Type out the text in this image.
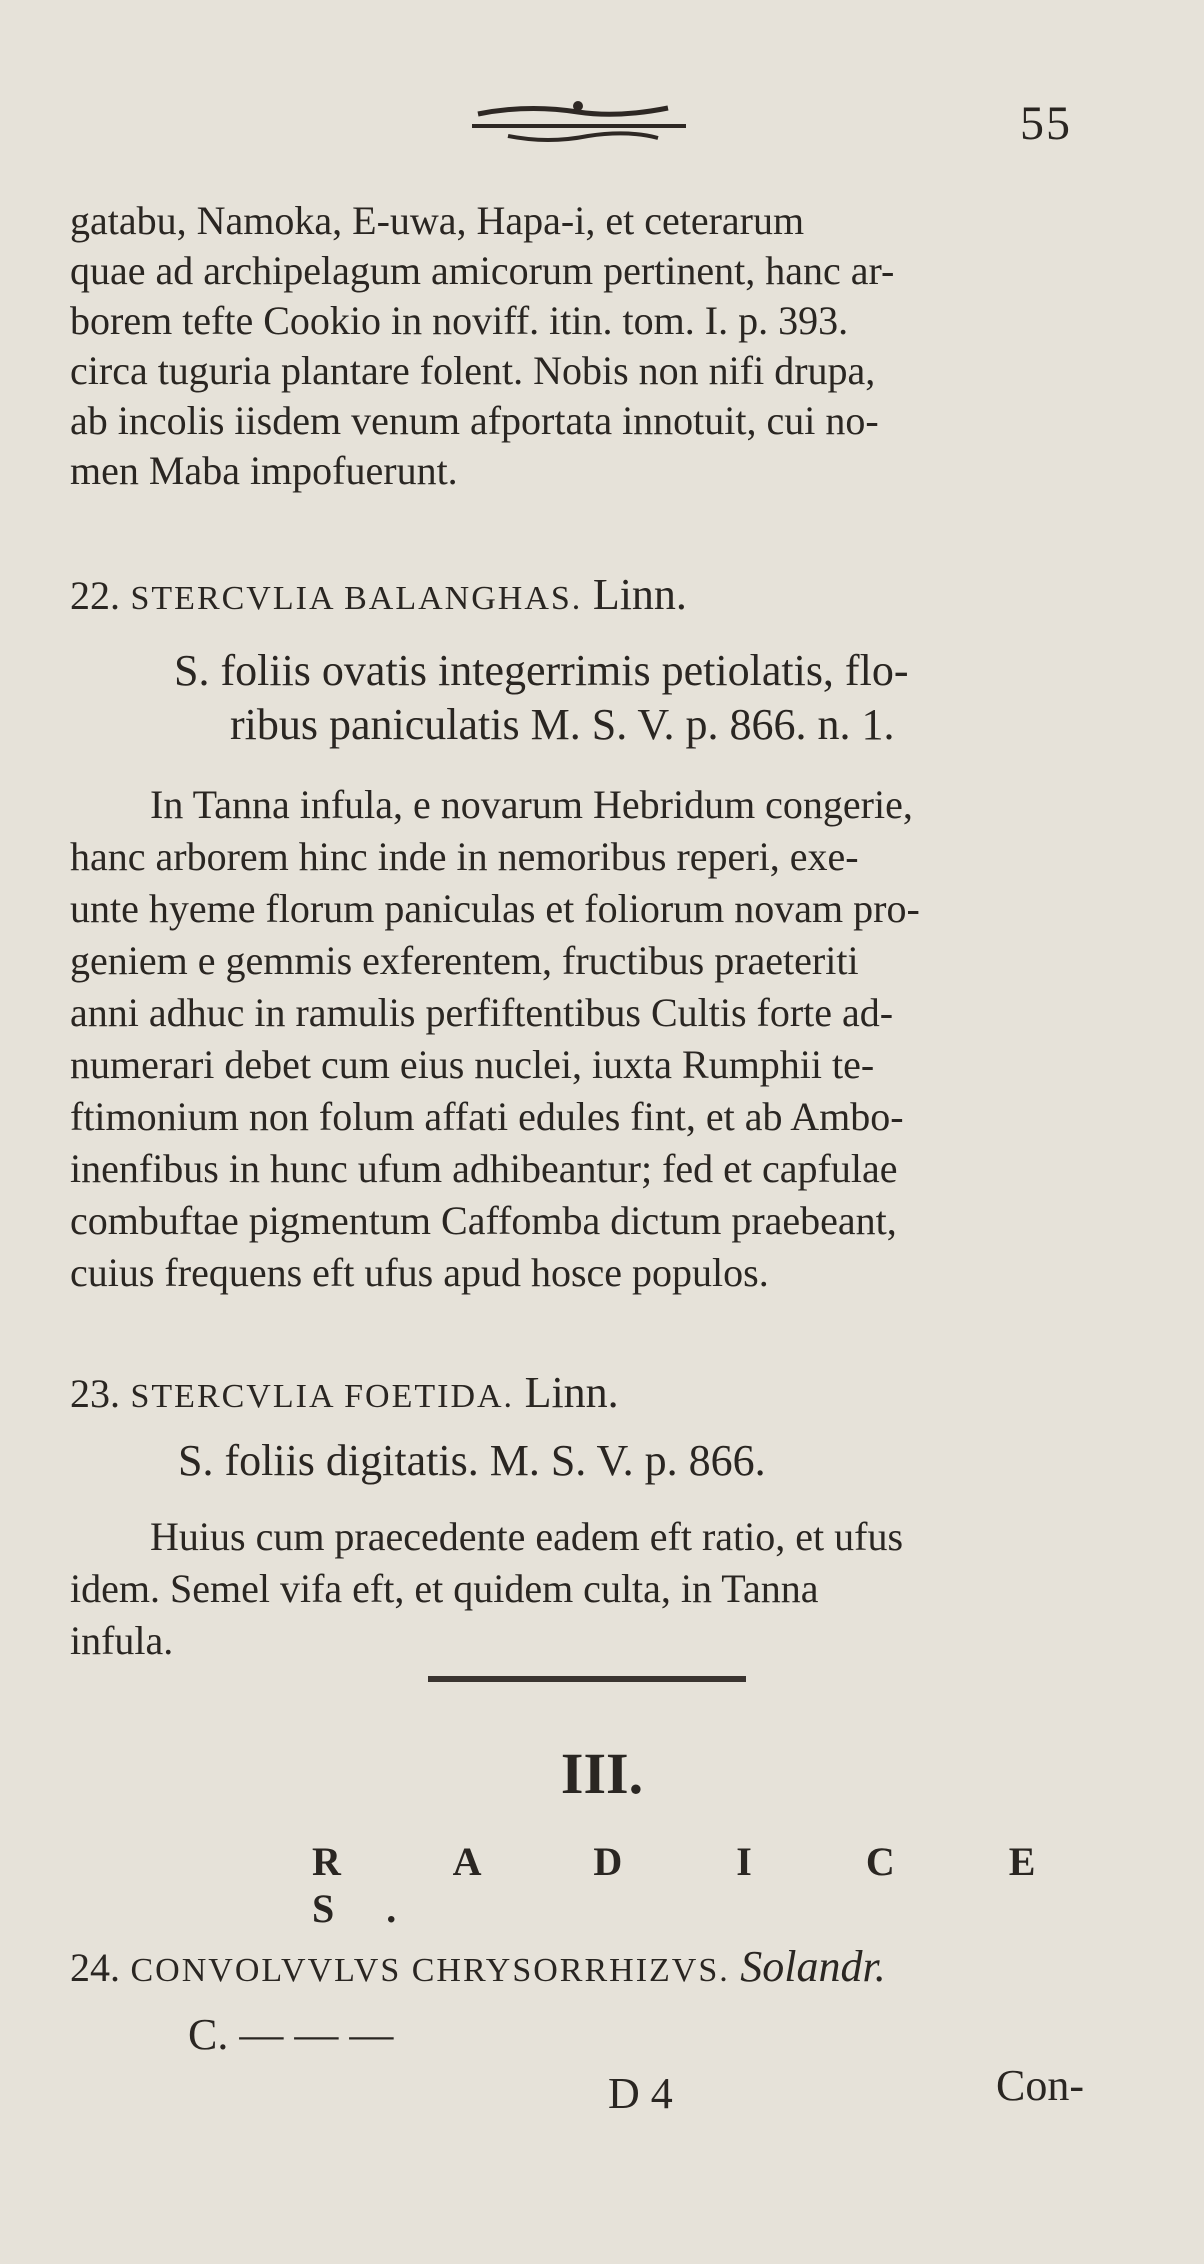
55
gatabu, Namoka, E-uwa, Hapa-i, et ceterarum
quae ad archipelagum amicorum pertinent, hanc ar-
borem tefte Cookio in noviff. itin. tom. I. p. 393.
circa tuguria plantare folent. Nobis non nifi drupa,
ab incolis iisdem venum afportata innotuit, cui no-
men Maba impofuerunt.
22. STERCVLIA BALANGHAS. Linn.
S. foliis ovatis integerrimis petiolatis, flo-
ribus paniculatis M. S. V. p. 866. n. 1.
In Tanna infula, e novarum Hebridum congerie,
hanc arborem hinc inde in nemoribus reperi, exe-
unte hyeme florum paniculas et foliorum novam pro-
geniem e gemmis exferentem, fructibus praeteriti
anni adhuc in ramulis perfiftentibus Cultis forte ad-
numerari debet cum eius nuclei, iuxta Rumphii te-
ftimonium non folum affati edules fint, et ab Ambo-
inenfibus in hunc ufum adhibeantur; fed et capfulae
combuftae pigmentum Caffomba dictum praebeant,
cuius frequens eft ufus apud hosce populos.
23. STERCVLIA FOETIDA. Linn.
S. foliis digitatis. M. S. V. p. 866.
Huius cum praecedente eadem eft ratio, et ufus
idem. Semel vifa eft, et quidem culta, in Tanna
infula.
III.
R A D I C E S.
24. CONVOLVVLVS CHRYSORRHIZVS. Solandr.
C. — — —
D 4	Con-
